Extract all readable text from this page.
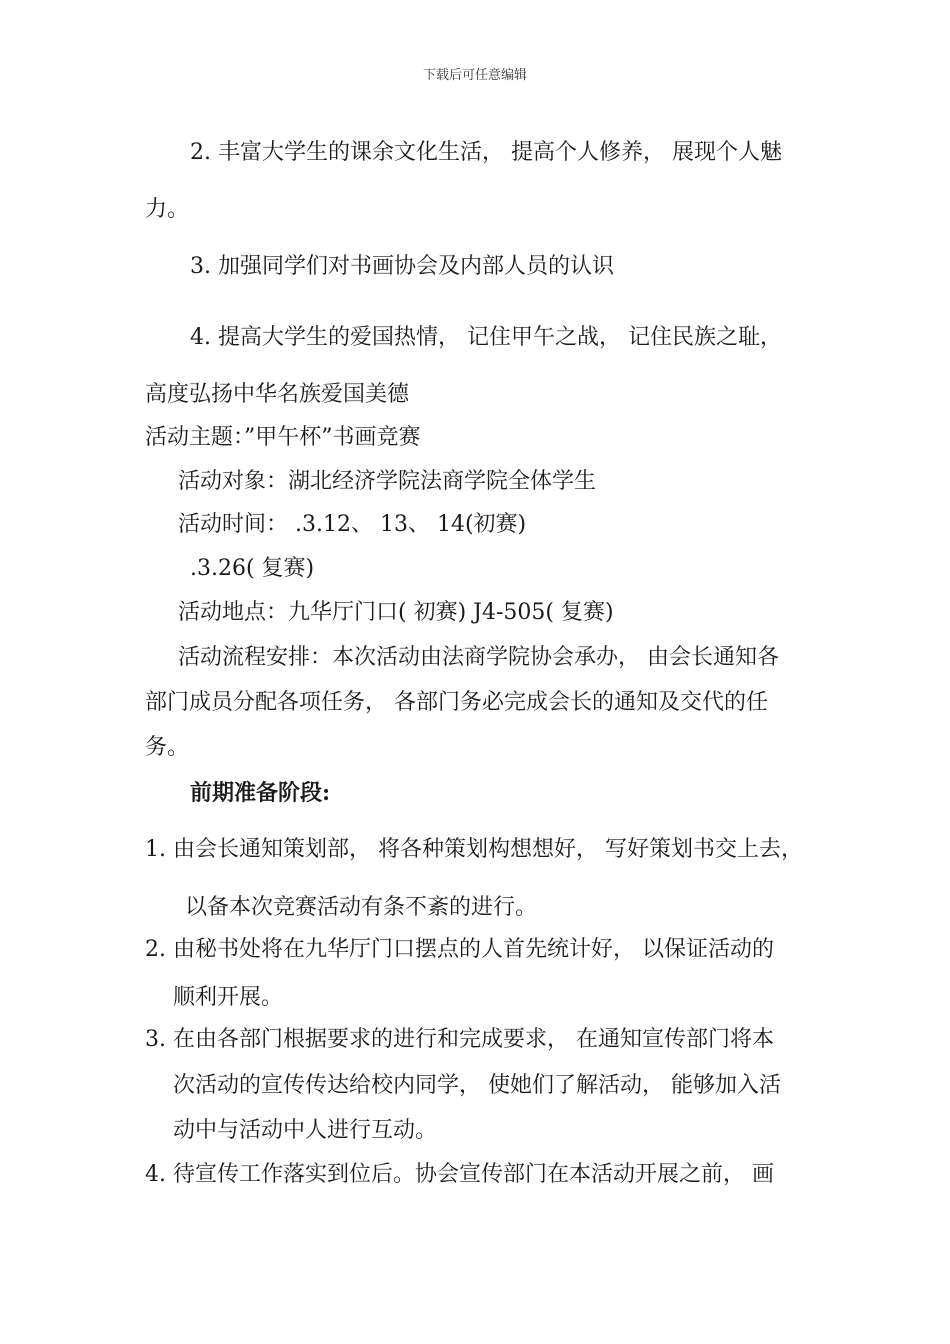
下载后可任意编辑
2. 丰富大学生的课余文化生活， 提高个人修养， 展现个人魅
力。
3. 加强同学们对书画协会及内部人员的认识
4. 提高大学生的爱国热情， 记住甲午之战， 记住民族之耻，
高度弘扬中华名族爱国美德
活动主题：”甲午杯”书画竞赛
活动对象：湖北经济学院法商学院全体学生
活动时间： .3.12、 13、 14(初赛)
.3.26( 复赛)
活动地点：九华厅门口( 初赛) J4-505( 复赛)
活动流程安排：本次活动由法商学院协会承办， 由会长通知各
部门成员分配各项任务， 各部门务必完成会长的通知及交代的任
务。
前期准备阶段:
1. 由会长通知策划部， 将各种策划构想想好， 写好策划书交上去，
以备本次竞赛活动有条不紊的进行。
2. 由秘书处将在九华厅门口摆点的人首先统计好， 以保证活动的
顺利开展。
3. 在由各部门根据要求的进行和完成要求， 在通知宣传部门将本
次活动的宣传传达给校内同学， 使她们了解活动， 能够加入活
动中与活动中人进行互动。
4. 待宣传工作落实到位后。协会宣传部门在本活动开展之前， 画
